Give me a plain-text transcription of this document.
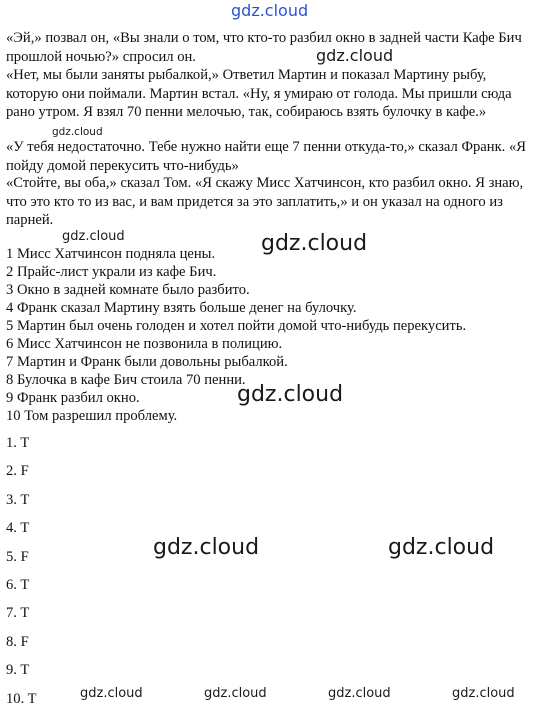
gdz.cloud

«Эй,» позвал он, «Вы знали о том, что кто-то разбил окно в задней части Кафе Бич прошлой ночью?» спросил он.

«Нет, мы были заняты рыбалкой,» Ответил Мартин и показал Мартину рыбу, которую они поймали. Мартин встал. «Ну, я умираю от голода. Мы пришли сюда рано утром. Я взял 70 пенни мелочью, так, собираюсь взять булочку в кафе.»

«У тебя недостаточно. Тебе нужно найти еще 7 пенни откуда-то,» сказал Франк. «Я пойду домой перекусить что-нибудь»

«Стойте, вы оба,» сказал Том. «Я скажу Мисс Хатчинсон, кто разбил окно. Я знаю, что это кто то из вас, и вам придется за это заплатить,» и он указал на одного из парней.

1 Мисс Хатчинсон подняла цены.
2 Прайс-лист украли из кафе Бич.
3 Окно в задней комнате было разбито.
4 Франк сказал Мартину взять больше денег на булочку.
5 Мартин был очень голоден и хотел пойти домой что-нибудь перекусить.
6 Мисс Хатчинсон не позвонила в полицию.
7 Мартин и Франк были довольны рыбалкой.
8 Булочка в кафе Бич стоила 70 пенни.
9 Франк разбил окно.
10 Том разрешил проблему.
1. T
2. F
3. T
4. T
5. F
6. T
7. T
8. F
9. T
10. T
gdz.cloud
gdz.cloud
gdz.cloud	gdz.cloud
gdz.cloud
gdz.cloud	gdz.cloud
gdz.cloud	gdz.cloud	gdz.cloud	gdz.cloud
